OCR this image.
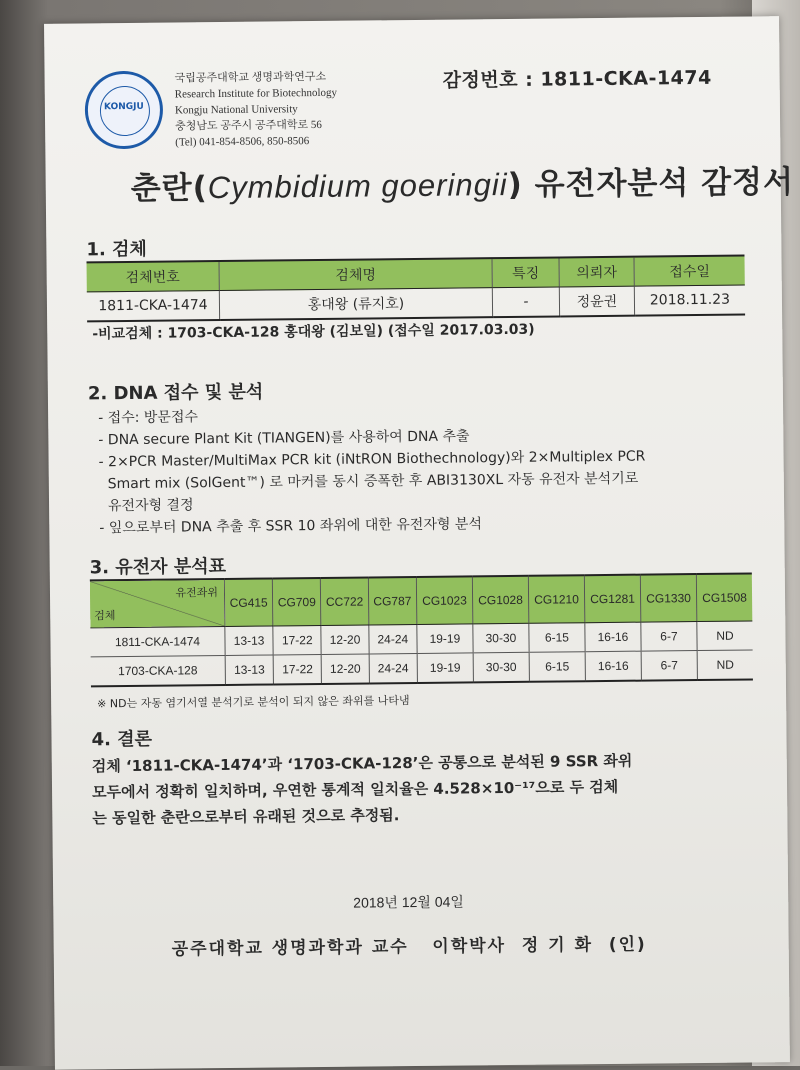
KONGJU
국립공주대학교 생명과학연구소
Research Institute for Biotechnology
Kongju National University
충청남도 공주시 공주대학로 56
(Tel) 041-854-8506, 850-8506
감정번호 : 1811-CKA-1474
춘란(Cymbidium goeringii) 유전자분석 감정서
1. 검체
검체번호	검체명	특징	의뢰자	접수일
1811-CKA-1474	홍대왕 (류지호)	-	정윤권	2018.11.23
-비교검체 : 1703-CKA-128 홍대왕 (김보일) (접수일 2017.03.03)
2. DNA 접수 및 분석
- 접수: 방문접수
- DNA secure Plant Kit (TIANGEN)를 사용하여 DNA 추출
- 2×PCR Master/MultiMax PCR kit (iNtRON Biothechnology)와 2×Multiplex PCR
Smart mix (SolGent™) 로 마커를 동시 증폭한 후 ABI3130XL 자동 유전자 분석기로
유전자형 결정
- 잎으로부터 DNA 추출 후 SSR 10 좌위에 대한 유전자형 분석
3. 유전자 분석표
유전좌위
검체	CG415	CG709	CC722	CG787	CG1023	CG1028	CG1210	CG1281	CG1330	CG1508
1811-CKA-1474	13-13	17-22	12-20	24-24	19-19	30-30	6-15	16-16	6-7	ND
1703-CKA-128	13-13	17-22	12-20	24-24	19-19	30-30	6-15	16-16	6-7	ND
※ ND는 자동 염기서열 분석기로 분석이 되지 않은 좌위를 나타냄
4. 결론
검체 ‘1811-CKA-1474’과 ‘1703-CKA-128’은 공통으로 분석된 9 SSR 좌위
모두에서 정확히 일치하며, 우연한 통계적 일치율은 4.528×10⁻¹⁷으로 두 검체
는 동일한 춘란으로부터 유래된 것으로 추정됨.
2018년 12월 04일
공주대학교 생명과학과 교수   이학박사  정 기 화  (인)
